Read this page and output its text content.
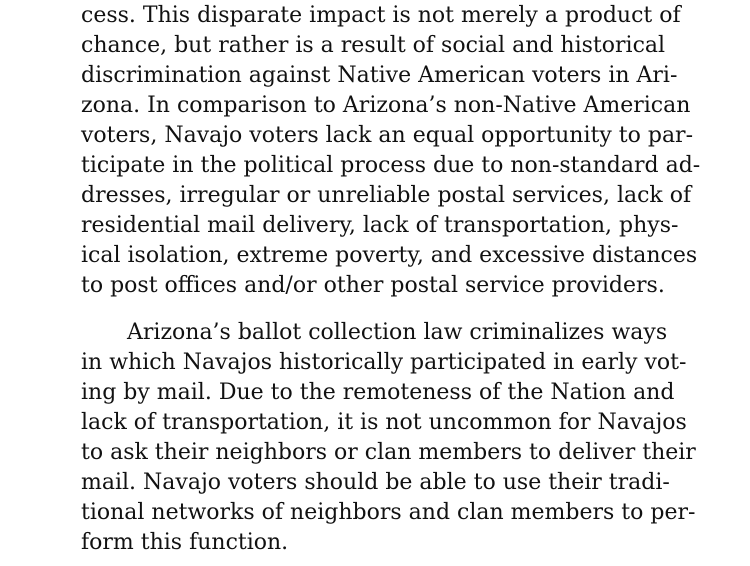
cess. This disparate impact is not merely a product of
chance, but rather is a result of social and historical
discrimination against Native American voters in Ari-
zona. In comparison to Arizona’s non-Native American
voters, Navajo voters lack an equal opportunity to par-
ticipate in the political process due to non-standard ad-
dresses, irregular or unreliable postal services, lack of
residential mail delivery, lack of transportation, phys-
ical isolation, extreme poverty, and excessive distances
to post offices and/or other postal service providers.
Arizona’s ballot collection law criminalizes ways
in which Navajos historically participated in early vot-
ing by mail. Due to the remoteness of the Nation and
lack of transportation, it is not uncommon for Navajos
to ask their neighbors or clan members to deliver their
mail. Navajo voters should be able to use their tradi-
tional networks of neighbors and clan members to per-
form this function.
